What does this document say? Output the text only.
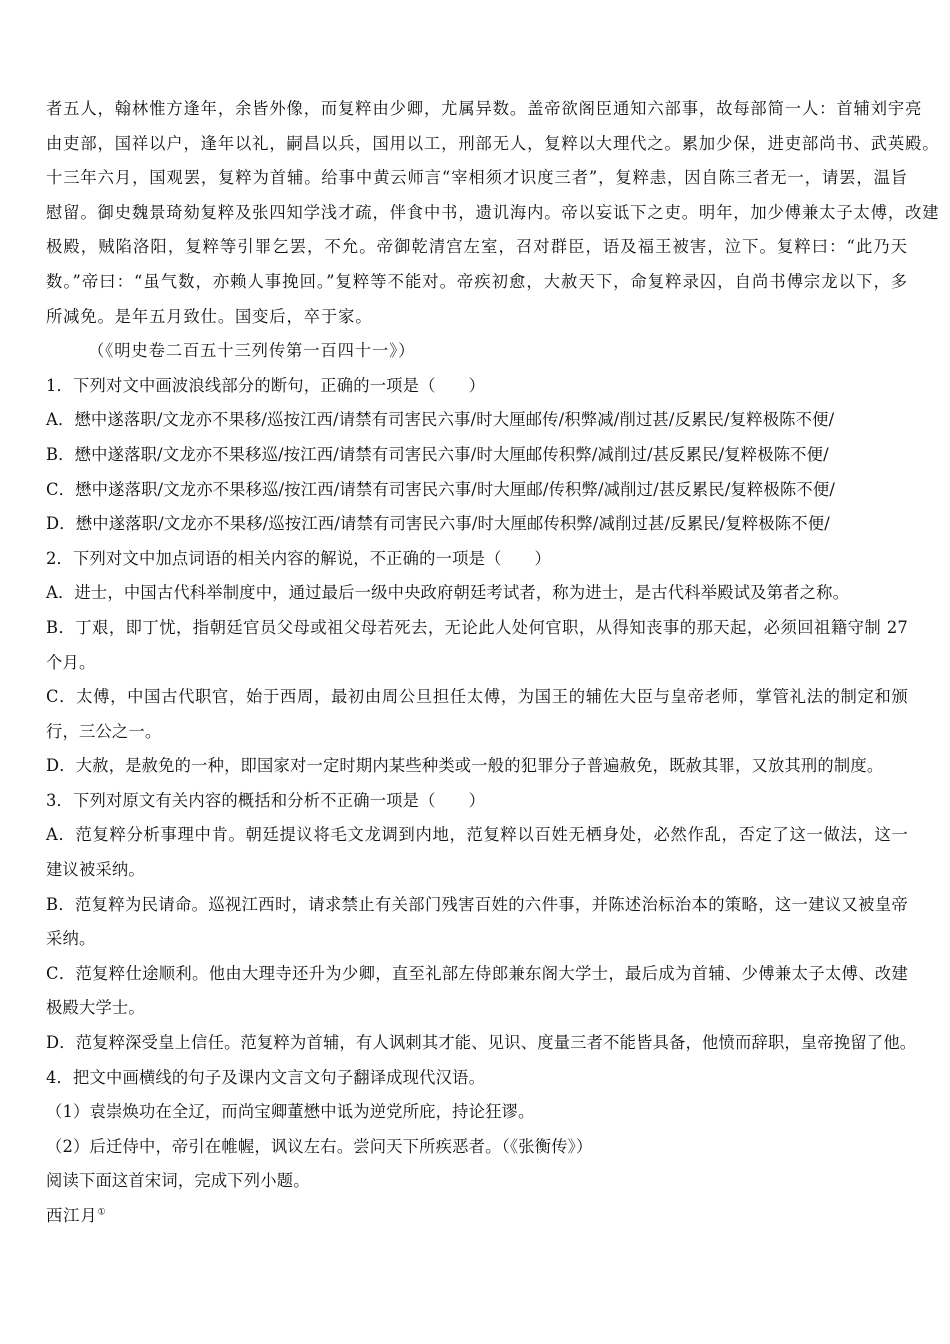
者五人，翰林惟方逢年，余皆外像，而复粹由少卿，尤属异数。盖帝欲阁臣通知六部事，故每部简一人：首辅刘宇亮
由吏部，国祥以户，逢年以礼，嗣昌以兵，国用以工，刑部无人，复粹以大理代之。累加少保，进吏部尚书、武英殿。
十三年六月，国观罢，复粹为首辅。给事中黄云师言“宰相须才识度三者”，复粹恚，因自陈三者无一，请罢，温旨
慰留。御史魏景琦劾复粹及张四知学浅才疏，伴食中书，遗讥海内。帝以妄诋下之吏。明年，加少傅兼太子太傅，改建
极殿，贼陷洛阳，复粹等引罪乞罢，不允。帝御乾清宫左室，召对群臣，语及福王被害，泣下。复粹曰：“此乃天
数。”帝曰：“虽气数，亦赖人事挽回。”复粹等不能对。帝疾初愈，大赦天下，命复粹录囚，自尚书傅宗龙以下，多
所减免。是年五月致仕。国变后，卒于家。
（《明史卷二百五十三列传第一百四十一》）
1．下列对文中画波浪线部分的断句，正确的一项是（　　）
A．懋中遂落职/文龙亦不果移/巡按江西/请禁有司害民六事/时大厘邮传/积弊减/削过甚/反累民/复粹极陈不便/
B．懋中遂落职/文龙亦不果移巡/按江西/请禁有司害民六事/时大厘邮传积弊/减削过/甚反累民/复粹极陈不便/
C．懋中遂落职/文龙亦不果移巡/按江西/请禁有司害民六事/时大厘邮/传积弊/减削过/甚反累民/复粹极陈不便/
D．懋中遂落职/文龙亦不果移/巡按江西/请禁有司害民六事/时大厘邮传积弊/减削过甚/反累民/复粹极陈不便/
2．下列对文中加点词语的相关内容的解说，不正确的一项是（　　）
A．进士，中国古代科举制度中，通过最后一级中央政府朝廷考试者，称为进士，是古代科举殿试及第者之称。
B．丁艰，即丁忧，指朝廷官员父母或祖父母若死去，无论此人处何官职，从得知丧事的那天起，必须回祖籍守制 27
个月。
C．太傅，中国古代职官，始于西周，最初由周公旦担任太傅，为国王的辅佐大臣与皇帝老师，掌管礼法的制定和颁
行，三公之一。
D．大赦，是赦免的一种，即国家对一定时期内某些种类或一般的犯罪分子普遍赦免，既赦其罪，又放其刑的制度。
3．下列对原文有关内容的概括和分析不正确一项是（　　）
A．范复粹分析事理中肯。朝廷提议将毛文龙调到内地，范复粹以百姓无栖身处，必然作乱，否定了这一做法，这一
建议被采纳。
B．范复粹为民请命。巡视江西时，请求禁止有关部门残害百姓的六件事，并陈述治标治本的策略，这一建议又被皇帝
采纳。
C．范复粹仕途顺利。他由大理寺还升为少卿，直至礼部左侍郎兼东阁大学士，最后成为首辅、少傅兼太子太傅、改建
极殿大学士。
D．范复粹深受皇上信任。范复粹为首辅，有人讽刺其才能、见识、度量三者不能皆具备，他愤而辞职，皇帝挽留了他。
4．把文中画横线的句子及课内文言文句子翻译成现代汉语。
（1）袁崇焕功在全辽，而尚宝卿董懋中诋为逆党所庇，持论狂谬。
（2）后迁侍中，帝引在帷幄，讽议左右。尝问天下所疾恶者。（《张衡传》）
阅读下面这首宋词，完成下列小题。
西江月①
